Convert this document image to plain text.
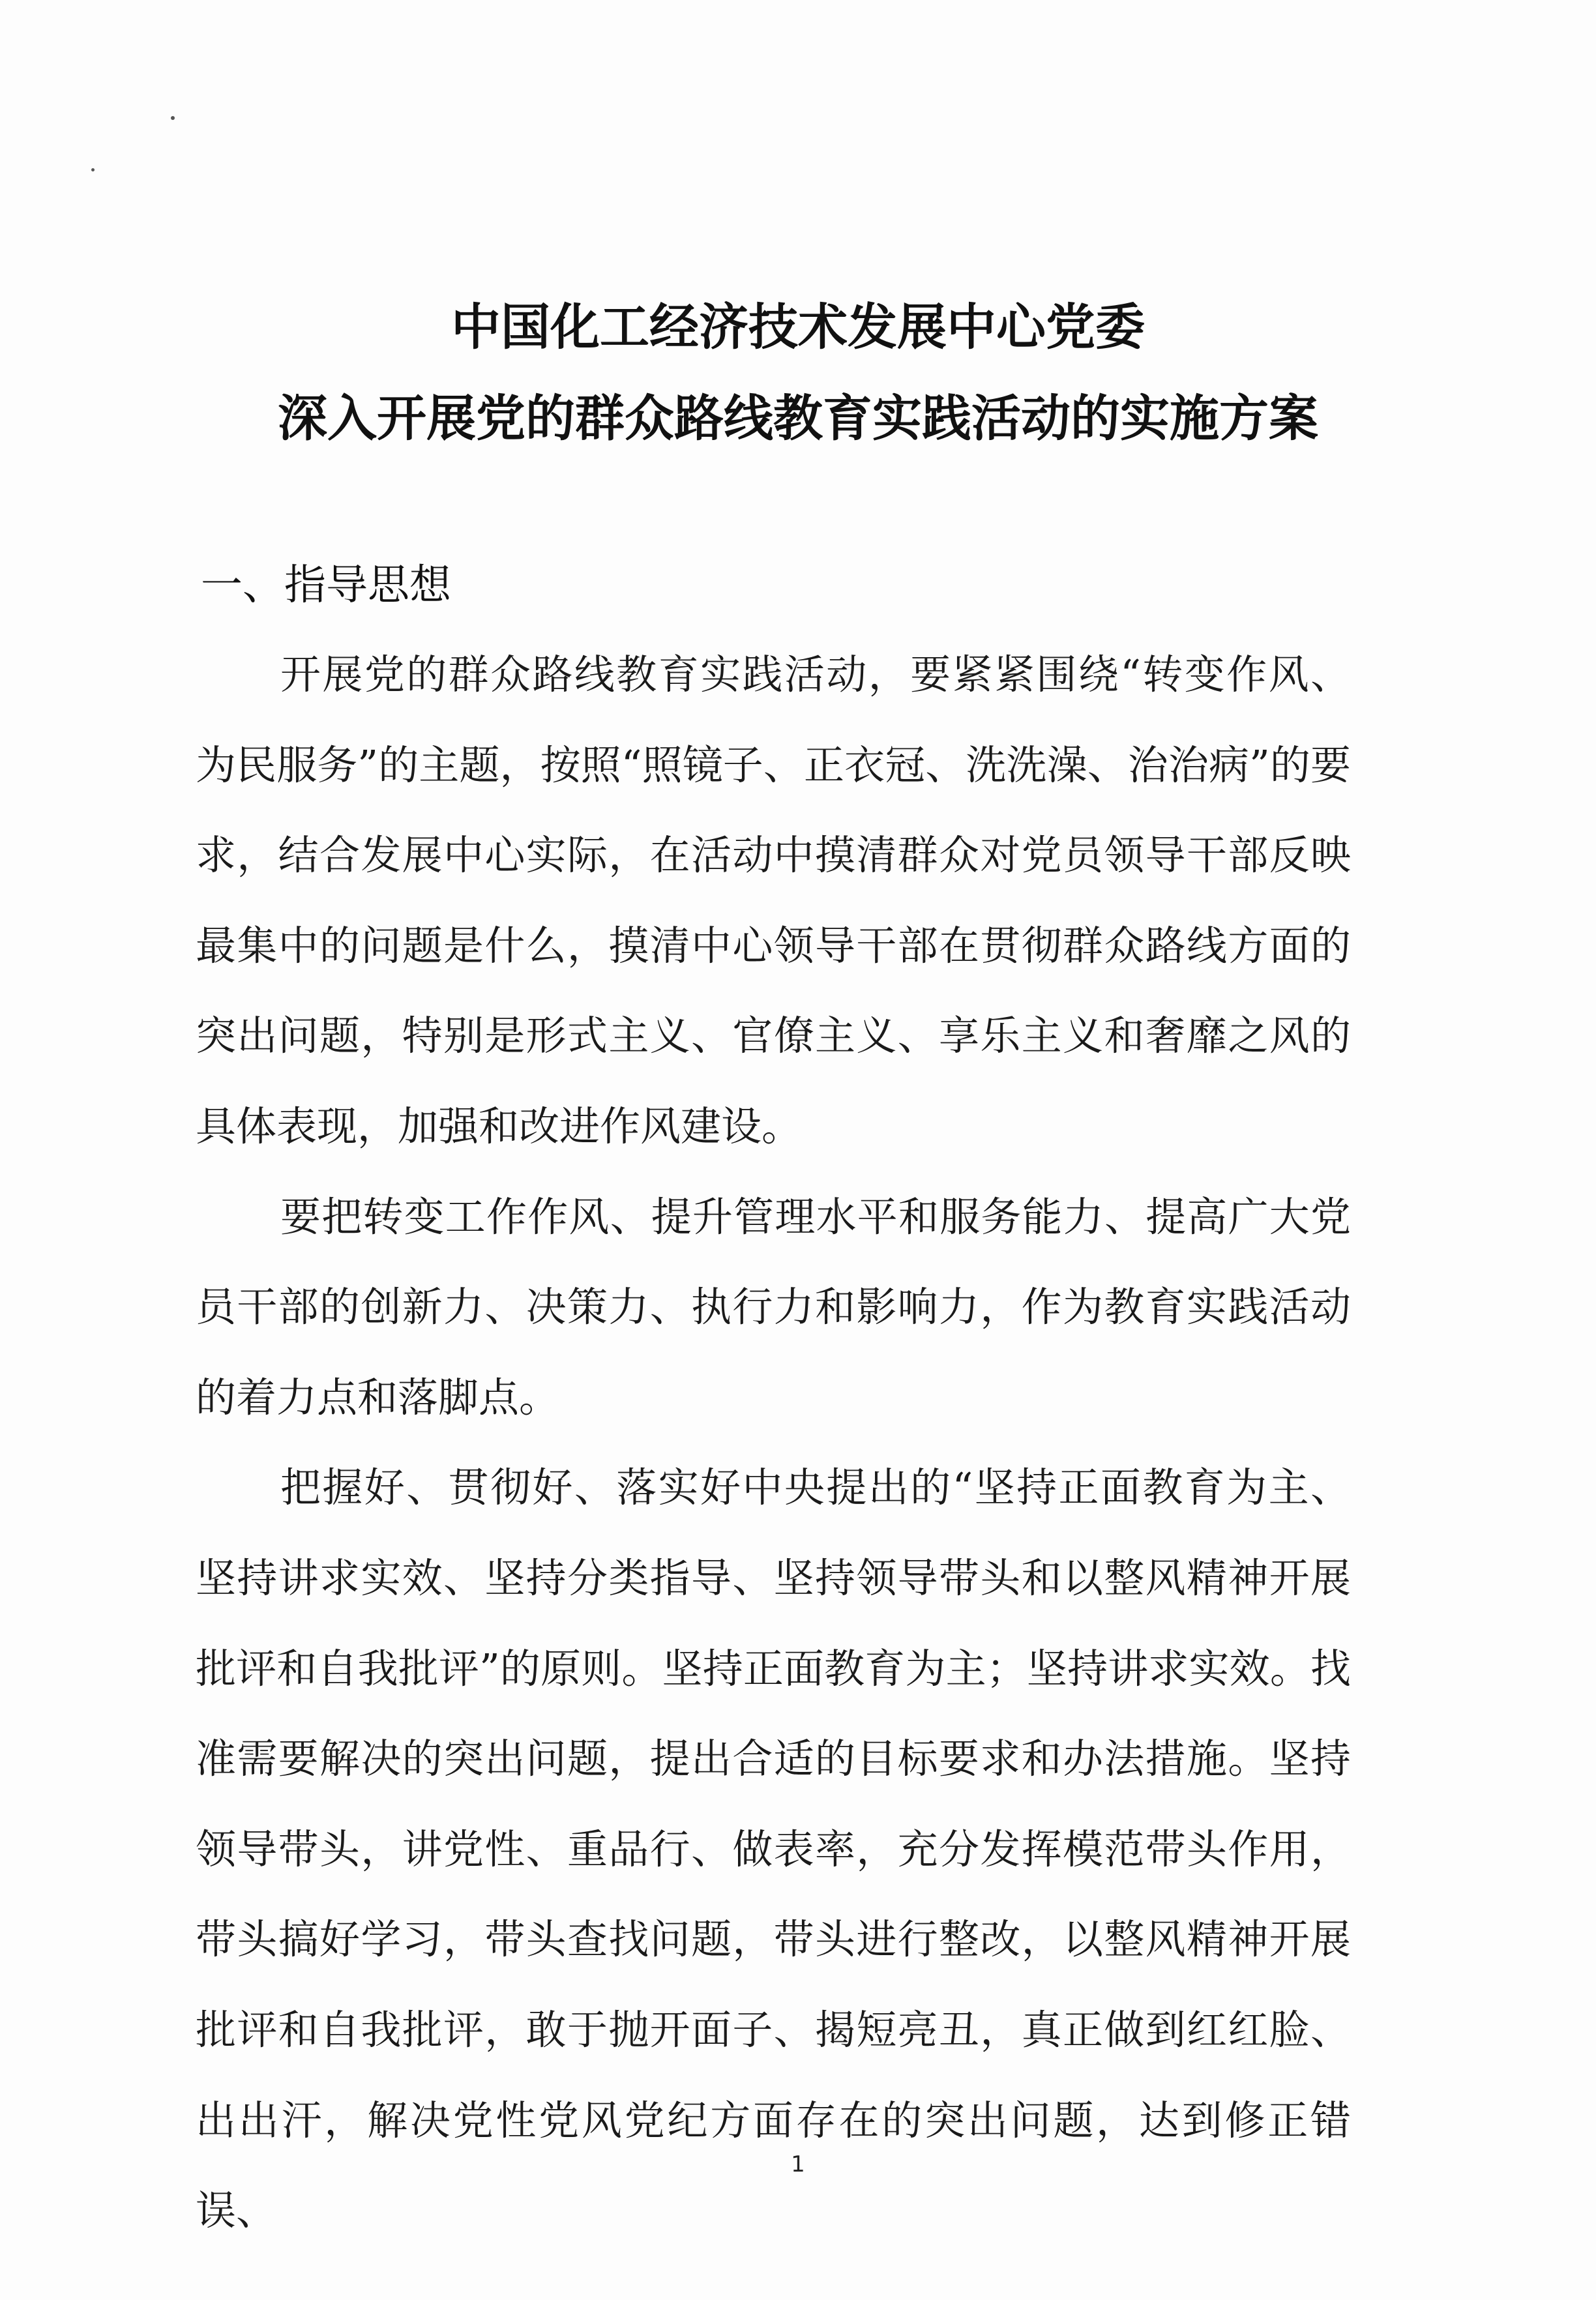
中国化工经济技术发展中心党委
深入开展党的群众路线教育实践活动的实施方案
一、指导思想

开展党的群众路线教育实践活动，要紧紧围绕“转变作风、为民服务”的主题，按照“照镜子、正衣冠、洗洗澡、治治病”的要求，结合发展中心实际，在活动中摸清群众对党员领导干部反映最集中的问题是什么，摸清中心领导干部在贯彻群众路线方面的突出问题，特别是形式主义、官僚主义、享乐主义和奢靡之风的具体表现，加强和改进作风建设。

要把转变工作作风、提升管理水平和服务能力、提高广大党员干部的创新力、决策力、执行力和影响力，作为教育实践活动的着力点和落脚点。

把握好、贯彻好、落实好中央提出的“坚持正面教育为主、坚持讲求实效、坚持分类指导、坚持领导带头和以整风精神开展批评和自我批评”的原则。坚持正面教育为主；坚持讲求实效。找准需要解决的突出问题，提出合适的目标要求和办法措施。坚持领导带头，讲党性、重品行、做表率，充分发挥模范带头作用，带头搞好学习，带头查找问题，带头进行整改，以整风精神开展批评和自我批评，敢于抛开面子、揭短亮丑，真正做到红红脸、出出汗，解决党性党风党纪方面存在的突出问题，达到修正错误、

1
